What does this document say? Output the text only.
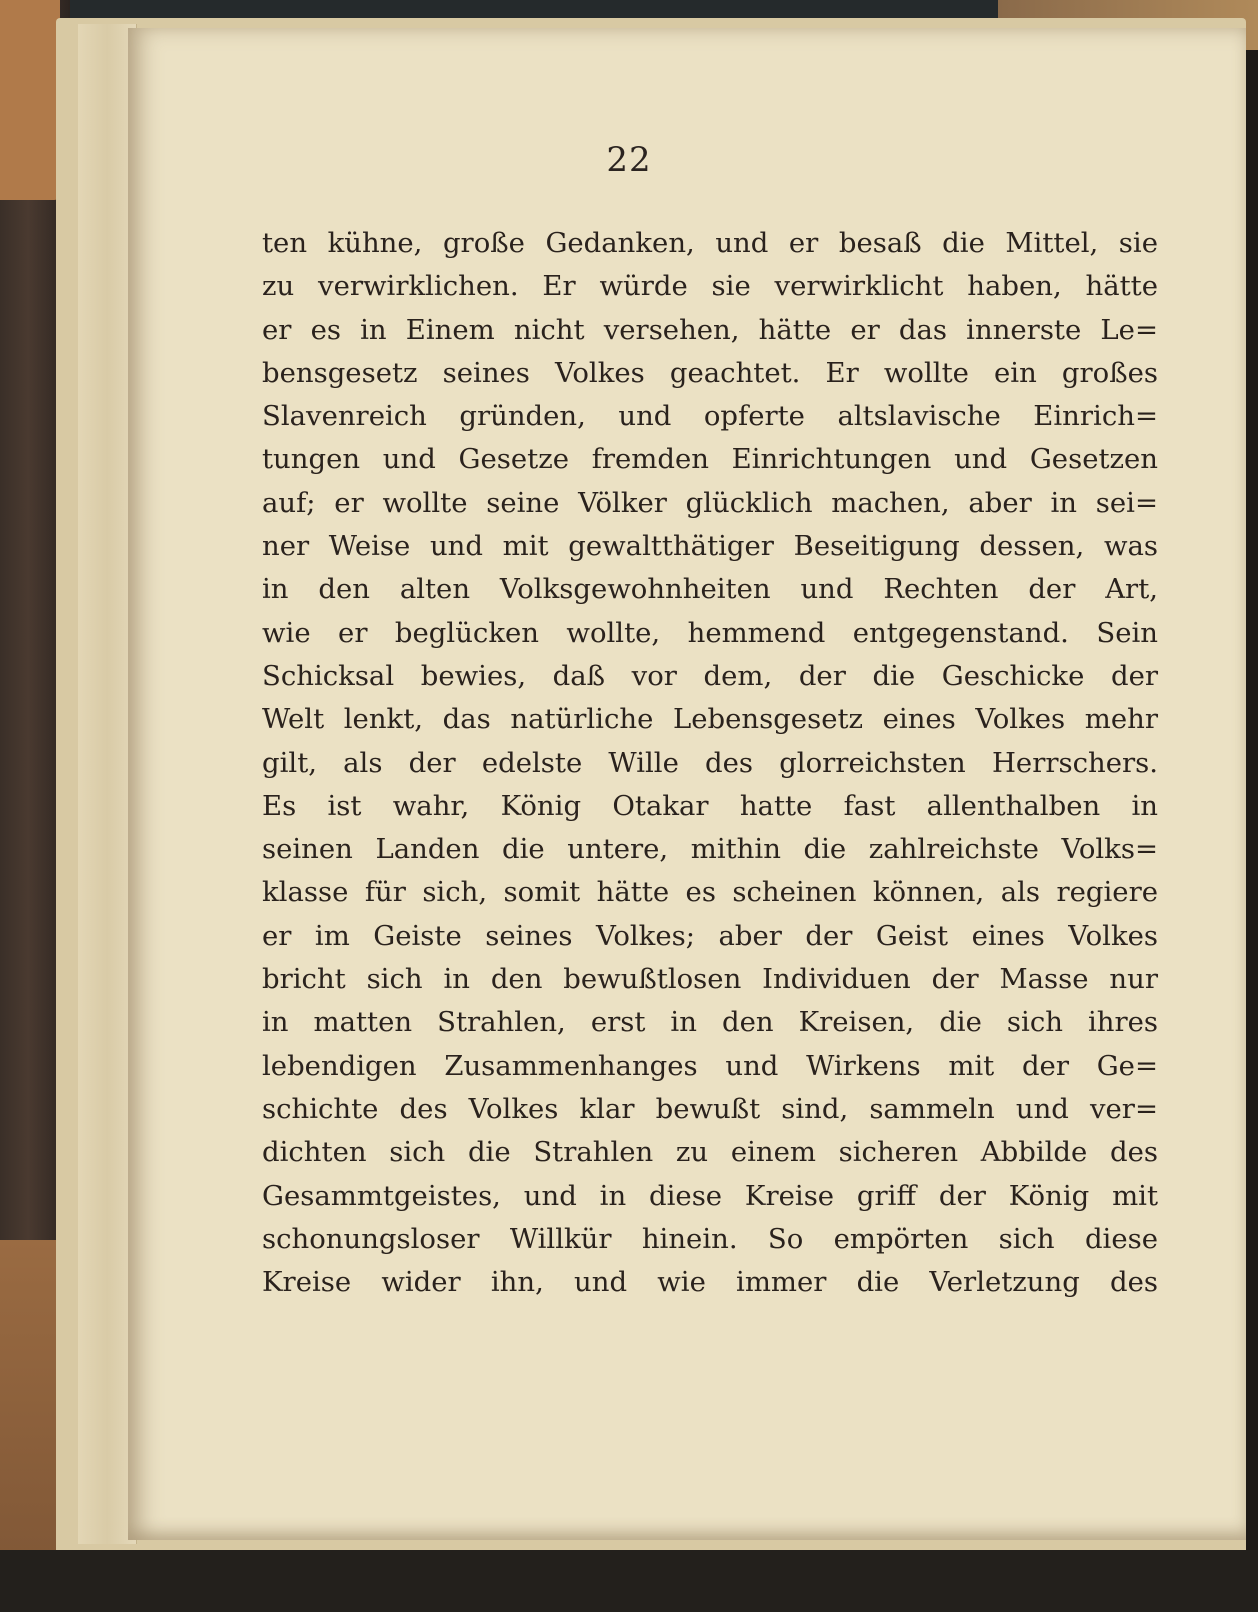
22
ten kühne, große Gedanken, und er besaß die Mittel, sie
zu verwirklichen. Er würde sie verwirklicht haben, hätte
er es in Einem nicht versehen, hätte er das innerste Le=
bensgesetz seines Volkes geachtet. Er wollte ein großes
Slavenreich gründen, und opferte altslavische Einrich=
tungen und Gesetze fremden Einrichtungen und Gesetzen
auf; er wollte seine Völker glücklich machen, aber in sei=
ner Weise und mit gewaltthätiger Beseitigung dessen, was
in den alten Volksgewohnheiten und Rechten der Art,
wie er beglücken wollte, hemmend entgegenstand. Sein
Schicksal bewies, daß vor dem, der die Geschicke der
Welt lenkt, das natürliche Lebensgesetz eines Volkes mehr
gilt, als der edelste Wille des glorreichsten Herrschers.
Es ist wahr, König Otakar hatte fast allenthalben in
seinen Landen die untere, mithin die zahlreichste Volks=
klasse für sich, somit hätte es scheinen können, als regiere
er im Geiste seines Volkes; aber der Geist eines Volkes
bricht sich in den bewußtlosen Individuen der Masse nur
in matten Strahlen, erst in den Kreisen, die sich ihres
lebendigen Zusammenhanges und Wirkens mit der Ge=
schichte des Volkes klar bewußt sind, sammeln und ver=
dichten sich die Strahlen zu einem sicheren Abbilde des
Gesammtgeistes, und in diese Kreise griff der König mit
schonungsloser Willkür hinein. So empörten sich diese
Kreise wider ihn, und wie immer die Verletzung des
